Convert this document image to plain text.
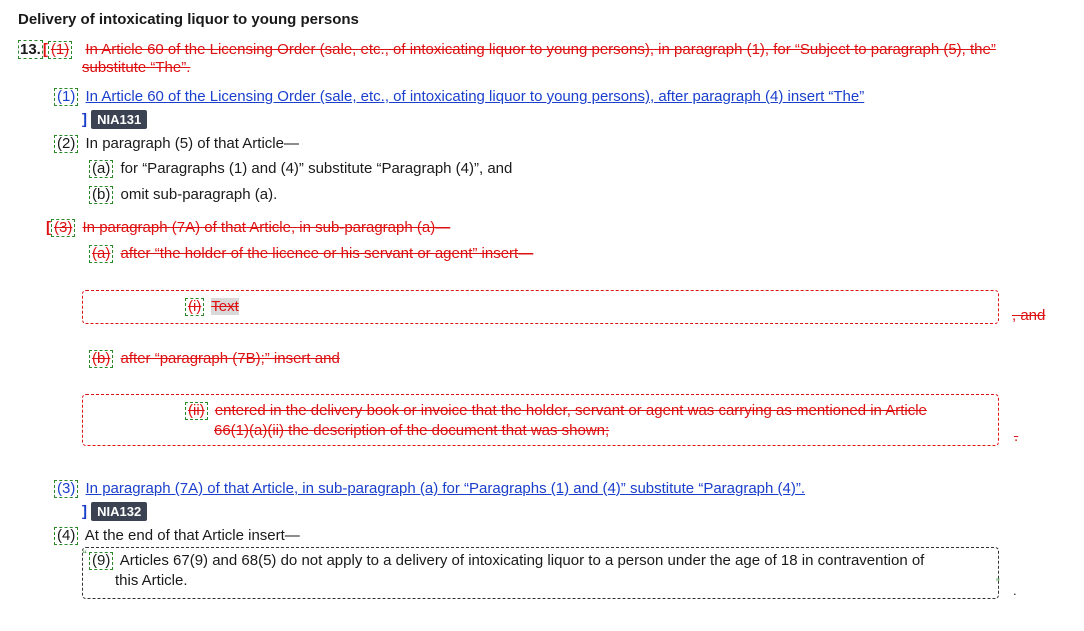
Delivery of intoxicating liquor to young persons
13. [ (1) In Article 60 of the Licensing Order (sale, etc., of intoxicating liquor to young persons), in paragraph (1), for “Subject to paragraph (5), the”
substitute “The”.
(1) In Article 60 of the Licensing Order (sale, etc., of intoxicating liquor to young persons), after paragraph (4) insert “The”
] NIA131
(2) In paragraph (5) of that Article—
(a) for “Paragraphs (1) and (4)” substitute “Paragraph (4)”, and
(b) omit sub-paragraph (a).
[ (3) In paragraph (7A) of that Article, in sub-paragraph (a)—
(a) after “the holder of the licence or his servant or agent” insert—
(i) Text
, and
(b) after “paragraph (7B);” insert and
(ii) entered in the delivery book or invoice that the holder, servant or agent was carrying as mentioned in Article
66(1)(a)(ii) the description of the document that was shown;	.
(3) In paragraph (7A) of that Article, in sub-paragraph (a) for “Paragraphs (1) and (4)” substitute “Paragraph (4)”.
] NIA132
(4) At the end of that Article insert—
“ (9) Articles 67(9) and 68(5) do not apply to a delivery of intoxicating liquor to a person under the age of 18 in contravention of
this Article.	” .
